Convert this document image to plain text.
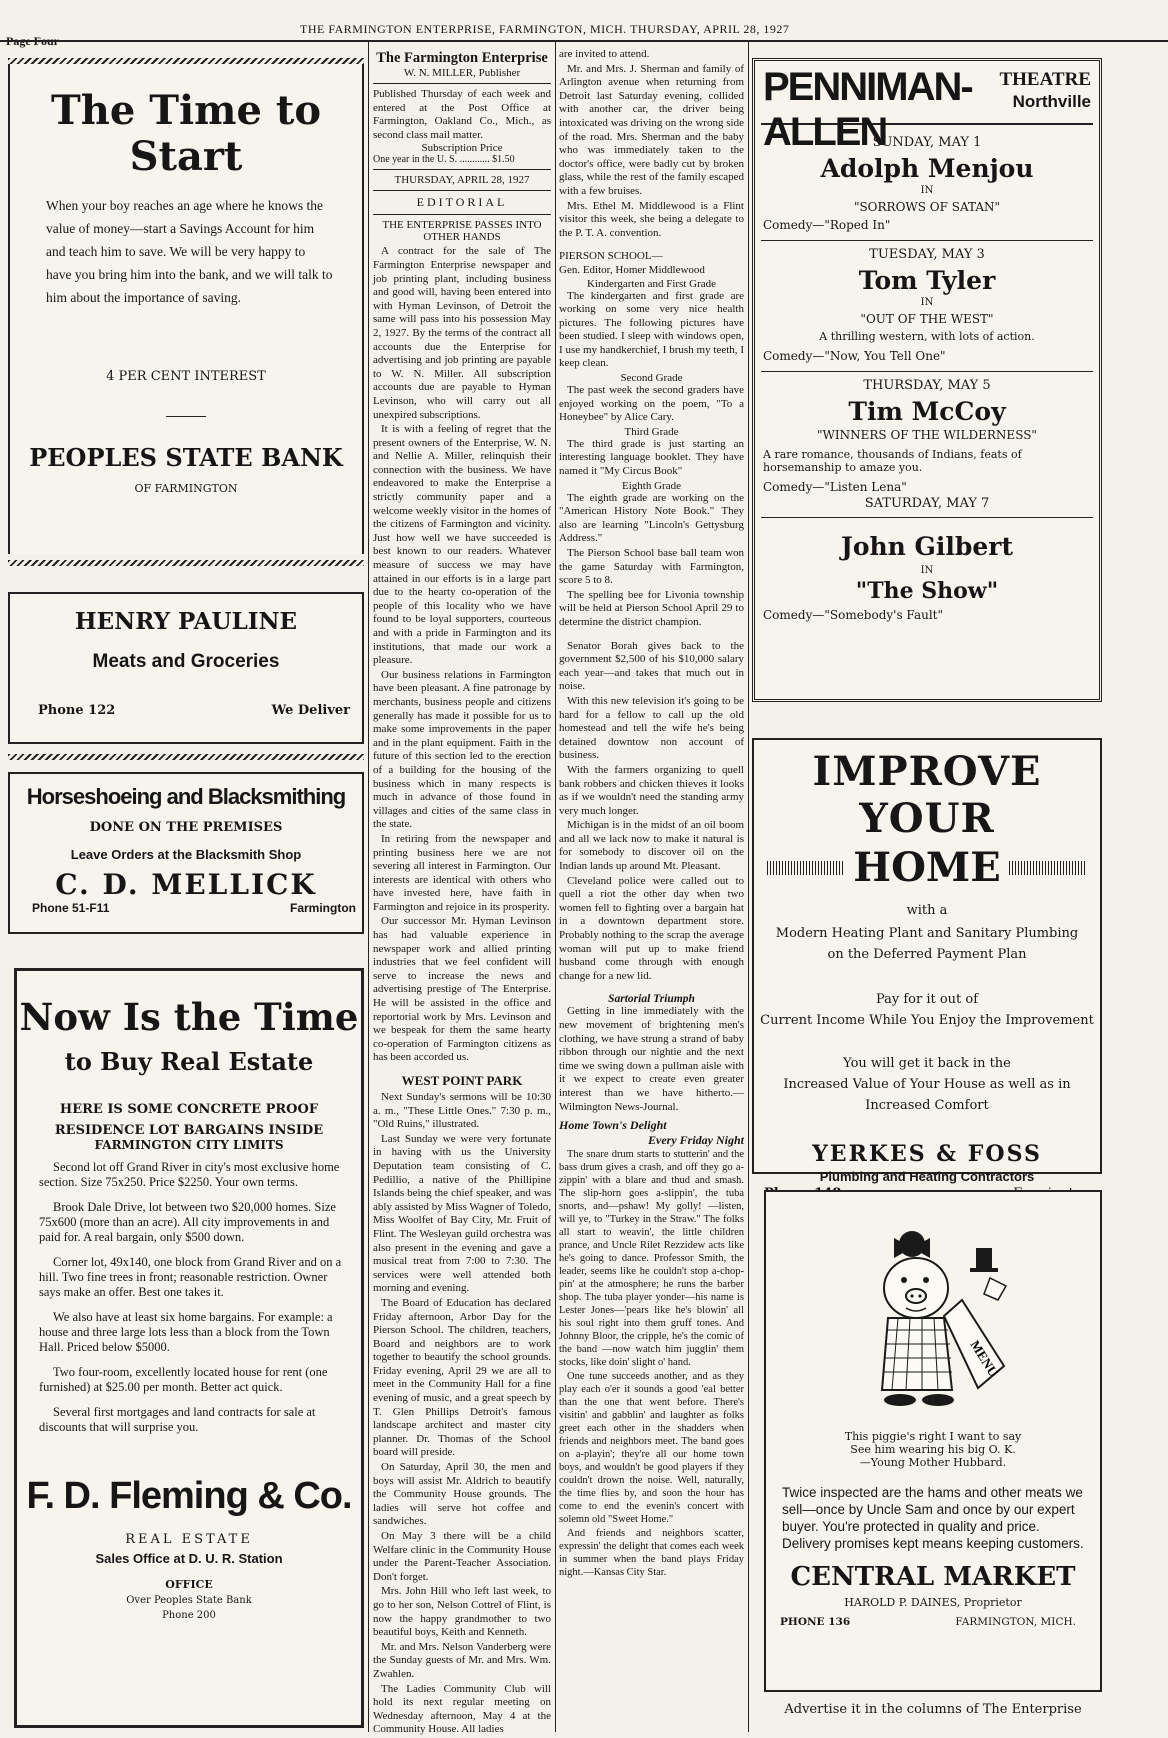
THE FARMINGTON ENTERPRISE, FARMINGTON, MICH. THURSDAY, APRIL 28, 1927
The Time to
Start
When your boy reaches an age where he knows the value of money—start a Savings Account for him and teach him to save. We will be very happy to have you bring him into the bank, and we will talk to him about the importance of saving.
4 PER CENT INTEREST
PEOPLES STATE BANK
OF FARMINGTON
HENRY PAULINE
Meats and Groceries
Phone 122	We Deliver
Horseshoeing and Blacksmithing
DONE ON THE PREMISES
Leave Orders at the Blacksmith Shop
C. D. MELLICK
Phone 51-F11	Farmington
Now Is the Time
to Buy Real Estate
HERE IS SOME CONCRETE PROOF
RESIDENCE LOT BARGAINS INSIDE
FARMINGTON CITY LIMITS

Second lot off Grand River in city's most exclusive home section. Size 75x250. Price $2250. Your own terms.

Brook Dale Drive, lot between two $20,000 homes. Size 75x600 (more than an acre). All city improvements in and paid for. A real bargain, only $500 down.

Corner lot, 49x140, one block from Grand River and on a hill. Two fine trees in front; reasonable restriction. Owner says make an offer. Best one takes it.

We also have at least six home bargains. For example: a house and three large lots less than a block from the Town Hall. Priced below $5000.

Two four-room, excellently located house for rent (one furnished) at $25.00 per month. Better act quick.

Several first mortgages and land contracts for sale at discounts that will surprise you.

F. D. Fleming & Co.
REAL ESTATE
Sales Office at D. U. R. Station
OFFICE
Over Peoples State Bank
Phone 200
The Farmington Enterprise
W. N. MILLER, Publisher
Published Thursday of each week and entered at the Post Office at Farmington, Oakland Co., Mich., as second class mail matter.
Subscription Price
One year in the U. S. ............ $1.50
THURSDAY, APRIL 28, 1927
EDITORIAL
THE ENTERPRISE PASSES INTO OTHER HANDS

A contract for the sale of The Farmington Enterprise newspaper and job printing plant, including business and good will, having been entered into with Hyman Levinson, of Detroit the same will pass into his possession May 2, 1927. By the terms of the contract all accounts due the Enterprise for advertising and job printing are payable to W. N. Miller. All subscription accounts due are payable to Hyman Levinson, who will carry out all unexpired subscriptions.

It is with a feeling of regret that the present owners of the Enterprise, W. N. and Nellie A. Miller, relinquish their connection with the business. We have endeavored to make the Enterprise a strictly community paper and a welcome weekly visitor in the homes of the citizens of Farmington and vicinity. Just how well we have succeeded is best known to our readers. Whatever measure of success we may have attained in our efforts is in a large part due to the hearty co-operation of the people of this locality who we have found to be loyal supporters, courteous and with a pride in Farmington and its institutions, that made our work a pleasure.

Our business relations in Farmington have been pleasant. A fine patronage by merchants, business people and citizens generally has made it possible for us to make some improvements in the paper and in the plant equipment. Faith in the future of this section led to the erection of a building for the housing of the business which in many respects is much in advance of those found in villages and cities of the same class in the state.

In retiring from the newspaper and printing business here we are not severing all interest in Farmington. Our interests are identical with others who have invested here, have faith in Farmington and rejoice in its prosperity.

Our successor Mr. Hyman Levinson has had valuable experience in newspaper work and allied printing industries that we feel confident will serve to increase the news and advertising prestige of The Enterprise. He will be assisted in the office and reportorial work by Mrs. Levinson and we bespeak for them the same hearty co-operation of Farmington citizens as has been accorded us.

WEST POINT PARK

Next Sunday's sermons will be 10:30 a. m., "These Little Ones." 7:30 p. m., "Old Ruins," illustrated.

Last Sunday we were very fortunate in having with us the University Deputation team consisting of C. Pedillio, a native of the Phillipine Islands being the chief speaker, and was ably assisted by Miss Wagner of Toledo, Miss Woolfet of Bay City, Mr. Fruit of Flint. The Wesleyan guild orchestra was also present in the evening and gave a musical treat from 7:00 to 7:30. The services were well attended both morning and evening.

The Board of Education has declared Friday afternoon, Arbor Day for the Pierson School. The children, teachers, Board and neighbors are to work together to beautify the school grounds. Friday evening, April 29 we are all to meet in the Community Hall for a fine evening of music, and a great speech by T. Glen Phillips Detroit's famous landscape architect and master city planner. Dr. Thomas of the School board will preside.

On Saturday, April 30, the men and boys will assist Mr. Aldrich to beautify the Community House grounds. The ladies will serve hot coffee and sandwiches.

On May 3 there will be a child Welfare clinic in the Community House under the Parent-Teacher Association. Don't forget.

Mrs. John Hill who left last week, to go to her son, Nelson Cottrel of Flint, is now the happy grandmother to two beautiful boys, Keith and Kenneth.

Mr. and Mrs. Nelson Vanderberg were the Sunday guests of Mr. and Mrs. Wm. Zwahlen.

The Ladies Community Club will hold its next regular meeting on Wednesday afternoon, May 4 at the Community House. All ladies

are invited to attend.

Mr. and Mrs. J. Sherman and family of Arlington avenue when returning from Detroit last Saturday evening, collided with another car, the driver being intoxicated was driving on the wrong side of the road. Mrs. Sherman and the baby who was immediately taken to the doctor's office, were badly cut by broken glass, while the rest of the family escaped with a few bruises.

Mrs. Ethel M. Middlewood is a Flint visitor this week, she being a delegate to the P. T. A. convention.

PIERSON SCHOOL—
Gen. Editor, Homer Middlewood
Kindergarten and First Grade

The kindergarten and first grade are working on some very nice health pictures. The following pictures have been studied. I sleep with windows open, I use my handkerchief, I brush my teeth, I keep clean.

Second Grade

The past week the second graders have enjoyed working on the poem, "To a Honeybee" by Alice Cary.

Third Grade

The third grade is just starting an interesting language booklet. They have named it "My Circus Book"

Eighth Grade

The eighth grade are working on the "American History Note Book." They also are learning "Lincoln's Gettysburg Address."

The Pierson School base ball team won the game Saturday with Farmington, score 5 to 8.

The spelling bee for Livonia township will be held at Pierson School April 29 to determine the district champion.

Senator Borah gives back to the government $2,500 of his $10,000 salary each year—and takes that much out in noise.

With this new television it's going to be hard for a fellow to call up the old homestead and tell the wife he's being detained downtow non account of business.

With the farmers organizing to quell bank robbers and chicken thieves it looks as if we wouldn't need the standing army very much longer.

Michigan is in the midst of an oil boom and all we lack now to make it natural is for somebody to discover oil on the Indian lands up around Mt. Pleasant.

Cleveland police were called out to quell a riot the other day when two women fell to fighting over a bargain hat in a downtown department store. Probably nothing to the scrap the average woman will put up to make friend husband come through with enough change for a new lid.

Sartorial Triumph

Getting in line immediately with the new movement of brightening men's clothing, we have strung a strand of baby ribbon through our nightie and the next time we swing down a pullman aisle with it we expect to create even greater interest than we have hitherto.—Wilmington News-Journal.

Home Town's Delight
Every Friday Night

The snare drum starts to stutterin' and the bass drum gives a crash, and off they go a-zippin' with a blare and thud and smash. The slip-horn goes a-slippin', the tuba snorts, and—pshaw! My golly! —listen, will ye, to "Turkey in the Straw." The folks all start to weavin', the little children prance, and Uncle Rilet Rezzidew acts like he's going to dance. Professor Smith, the leader, seems like he couldn't stop a-chop-pin' at the atmosphere; he runs the barber shop. The tuba player yonder—his name is Lester Jones—'pears like he's blowin' all his soul right into them gruff tones. And Johnny Bloor, the cripple, he's the comic of the band —now watch him jugglin' them stocks, like doin' slight o' hand.

One tune succeeds another, and as they play each o'er it sounds a good 'eal better than the one that went before. There's visitin' and gabblin' and laughter as folks greet each other in the shadders when friends and neighbors meet. The band goes on a-playin'; they're all our home town boys, and wouldn't be good players if they couldn't drown the noise. Well, naturally, the time flies by, and soon the hour has come to end the evenin's concert with solemn old "Sweet Home."

And friends and neighbors scatter, expressin' the delight that comes each week in summer when the band plays Friday night.—Kansas City Star.

PENNIMAN-ALLEN
THEATRE
Northville
SUNDAY, MAY 1
Adolph Menjou
IN
"SORROWS OF SATAN"
Comedy—"Roped In"
TUESDAY, MAY 3
Tom Tyler
IN
"OUT OF THE WEST"
A thrilling western, with lots of action.
Comedy—"Now, You Tell One"
THURSDAY, MAY 5
Tim McCoy
"WINNERS OF THE WILDERNESS"
A rare romance, thousands of Indians, feats of horsemanship to amaze you.
Comedy—"Listen Lena"
SATURDAY, MAY 7
John Gilbert
IN
"The Show"
Comedy—"Somebody's Fault"
IMPROVE YOUR
HOME
with a
Modern Heating Plant and Sanitary Plumbing
on the Deferred Payment Plan
Pay for it out of
Current Income While You Enjoy the Improvement
You will get it back in the
Increased Value of Your House as well as in
Increased Comfort
YERKES & FOSS
Plumbing and Heating Contractors
MENU
This piggie's right I want to say
See him wearing his big O. K.
—Young Mother Hubbard.
Twice inspected are the hams and other meats we sell—once by Uncle Sam and once by our expert buyer. You're protected in quality and price. Delivery promises kept means keeping customers.
CENTRAL MARKET
HAROLD P. DAINES, Proprietor
PHONE 136	FARMINGTON, MICH.
Advertise it in the columns of The Enterprise
